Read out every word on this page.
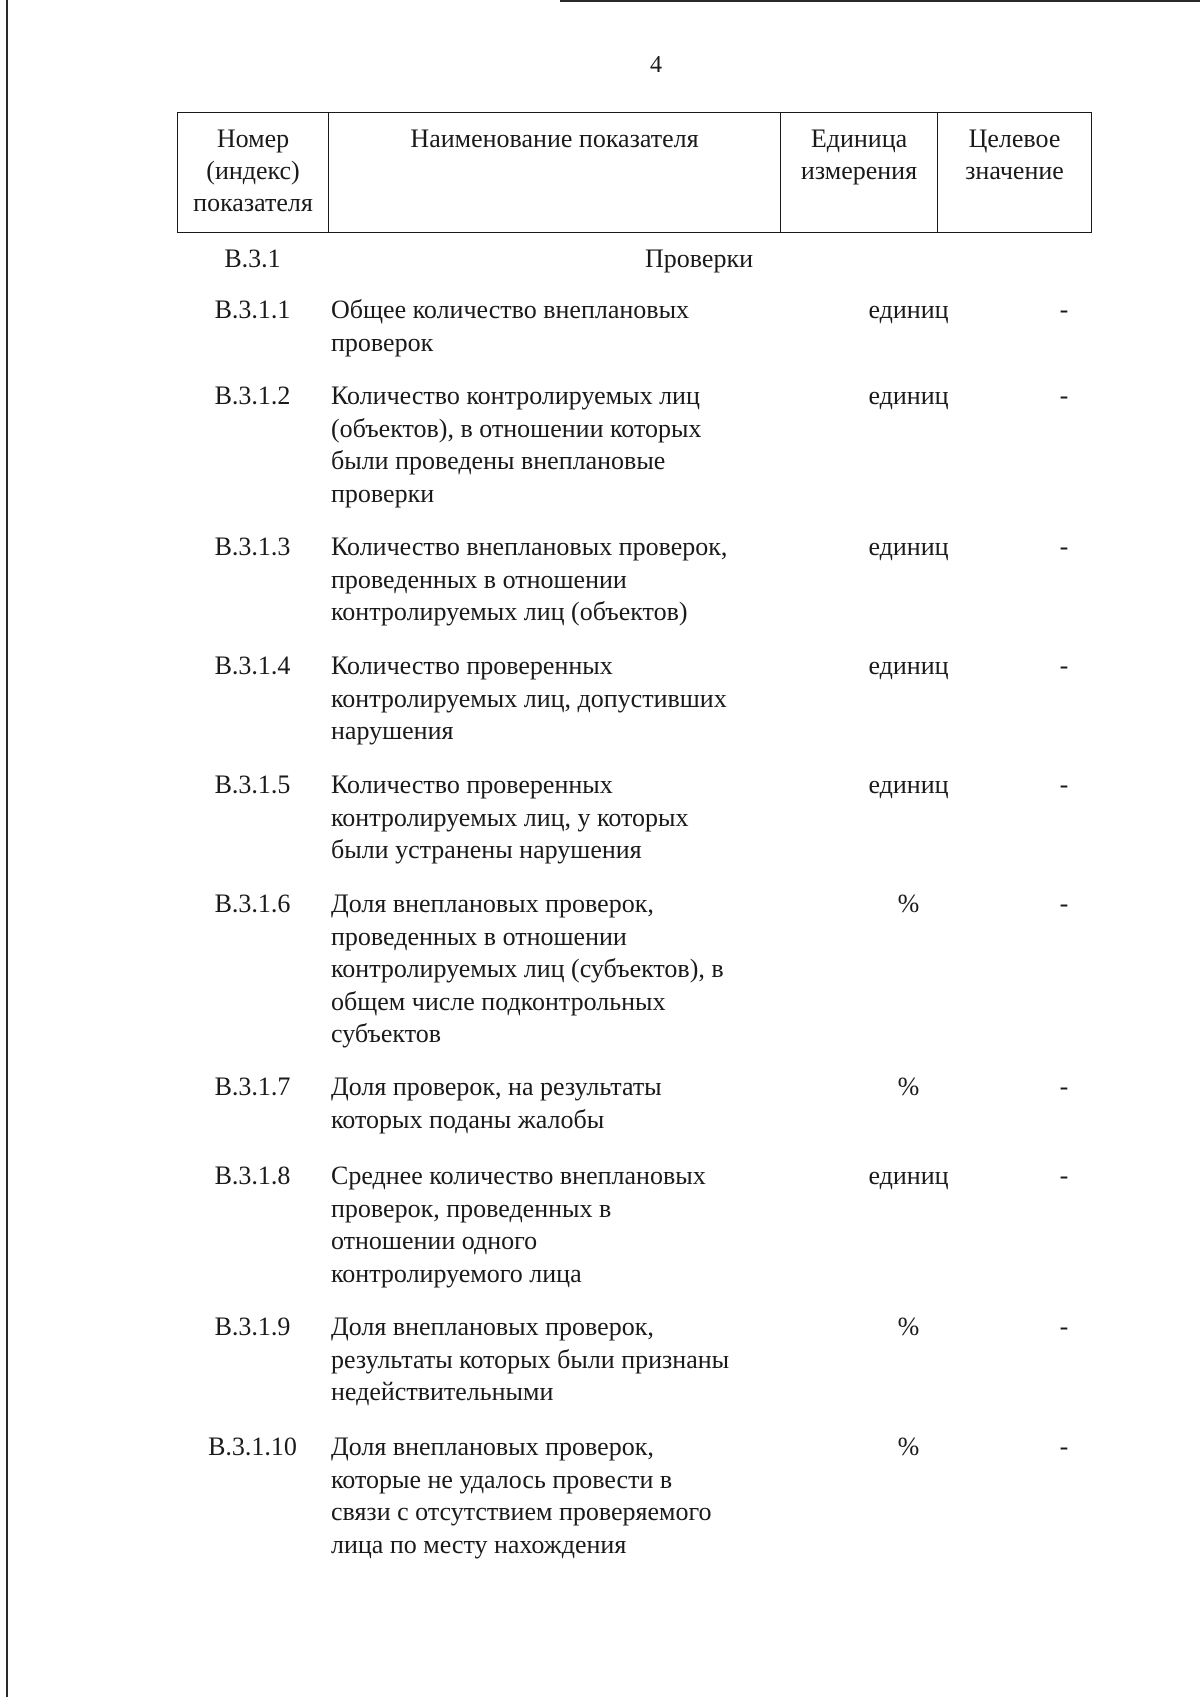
4
Номер (индекс) показателя	Наименование показателя	Единица измерения	Целевое значение
В.3.1	Проверки
В.3.1.1	Общее количество внеплановых
проверок
единиц	-
В.3.1.2	Количество контролируемых лиц
(объектов), в отношении которых
были проведены внеплановые
проверки
единиц	-
В.3.1.3	Количество внеплановых проверок,
проведенных в отношении
контролируемых лиц (объектов)
единиц	-
В.3.1.4	Количество проверенных
контролируемых лиц, допустивших
нарушения
единиц	-
В.3.1.5	Количество проверенных
контролируемых лиц, у которых
были устранены нарушения
единиц	-
В.3.1.6	Доля внеплановых проверок,
проведенных в отношении
контролируемых лиц (субъектов), в
общем числе подконтрольных
субъектов
%	-
В.3.1.7	Доля проверок, на результаты
которых поданы жалобы
%	-
В.3.1.8	Среднее количество внеплановых
проверок, проведенных в
отношении одного
контролируемого лица
единиц	-
В.3.1.9	Доля внеплановых проверок,
результаты которых были признаны
недействительными
%	-
В.3.1.10	Доля внеплановых проверок,
которые не удалось провести в
связи с отсутствием проверяемого
лица по месту нахождения
%	-
